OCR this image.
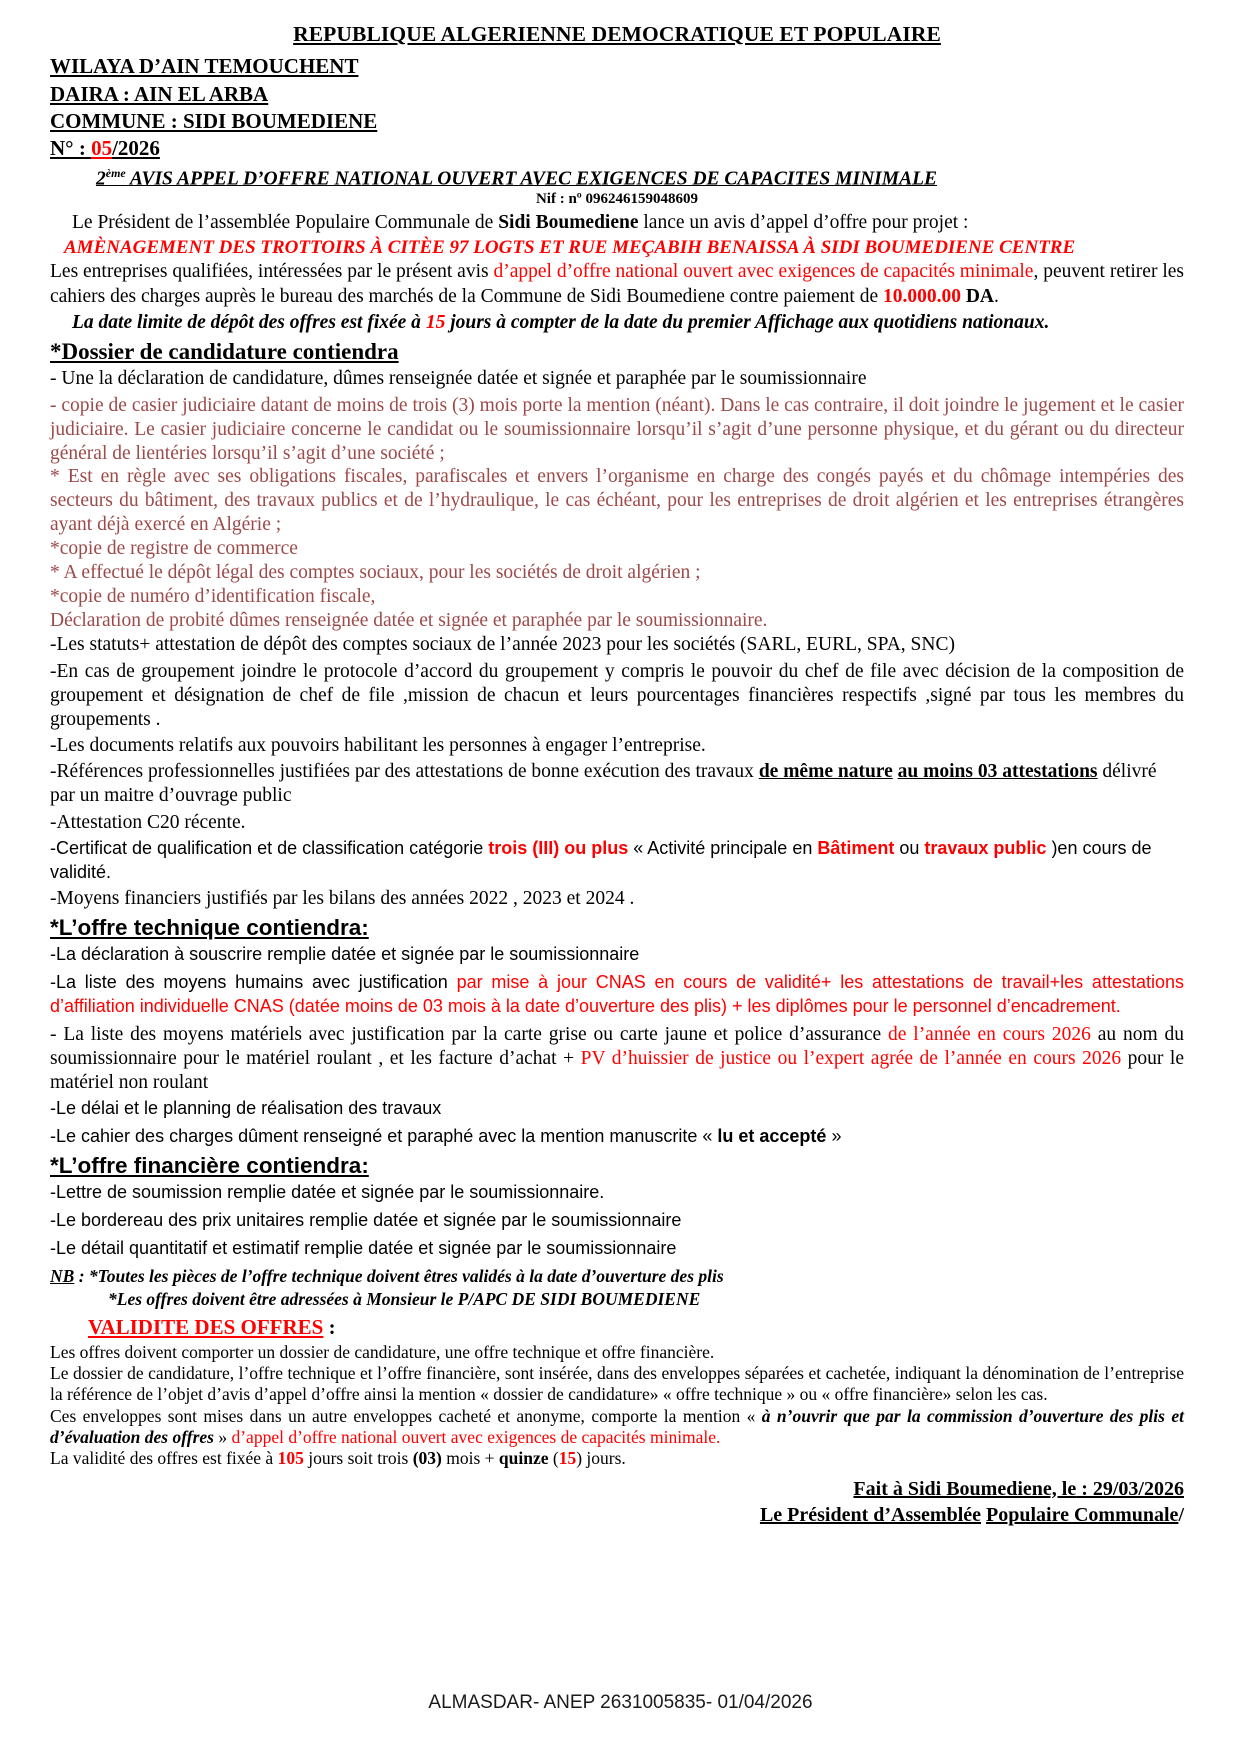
REPUBLIQUE ALGERIENNE DEMOCRATIQUE ET POPULAIRE
WILAYA D’AIN TEMOUCHENT
DAIRA : AIN EL ARBA
COMMUNE : SIDI BOUMEDIENE
N° : 05/2026
2ème AVIS APPEL D’OFFRE NATIONAL OUVERT AVEC EXIGENCES DE CAPACITES MINIMALE
Nif : nº 096246159048609

Le Président de l’assemblée Populaire Communale de Sidi Boumediene lance un avis d’appel d’offre pour projet :

AMÈNAGEMENT DES TROTTOIRS À CITÈE 97 LOGTS ET RUE MEÇABIH BENAISSA À SIDI BOUMEDIENE CENTRE

Les entreprises qualifiées, intéressées par le présent avis d’appel d’offre national ouvert avec exigences de capacités minimale, peuvent retirer les cahiers des charges auprès le bureau des marchés de la Commune de Sidi Boumediene contre paiement de 10.000.00 DA.

La date limite de dépôt des offres est fixée à 15 jours à compter de la date du premier Affichage aux quotidiens nationaux.

*Dossier de candidature contiendra

- Une la déclaration de candidature, dûmes renseignée datée et signée et paraphée par le soumissionnaire

- copie de casier judiciaire datant de moins de trois (3) mois porte la mention (néant). Dans le cas contraire, il doit joindre le jugement et le casier judiciaire. Le casier judiciaire concerne le candidat ou le soumissionnaire lorsqu’il s’agit d’une personne physique, et du gérant ou du directeur général de lientéries lorsqu’il s’agit d’une société ;

* Est en règle avec ses obligations fiscales, parafiscales et envers l’organisme en charge des congés payés et du chômage intempéries des secteurs du bâtiment, des travaux publics et de l’hydraulique, le cas échéant, pour les entreprises de droit algérien et les entreprises étrangères ayant déjà exercé en Algérie ;

*copie de registre de commerce

* A effectué le dépôt légal des comptes sociaux, pour les sociétés de droit algérien ;

*copie de numéro d’identification fiscale,

Déclaration de probité dûmes renseignée datée et signée et paraphée par le soumissionnaire.

-Les statuts+ attestation de dépôt des comptes sociaux de l’année 2023 pour les sociétés (SARL, EURL, SPA, SNC)

-En cas de groupement joindre le protocole d’accord du groupement y compris le pouvoir du chef de file avec décision de la composition de groupement et désignation de chef de file ,mission de chacun et leurs pourcentages financières respectifs ,signé par tous les membres du groupements .

-Les documents relatifs aux pouvoirs habilitant les personnes à engager l’entreprise.

-Références professionnelles justifiées par des attestations de bonne exécution des travaux de même nature au moins 03 attestations délivré par un maitre d’ouvrage public

-Attestation C20 récente.

-Certificat de qualification et de classification catégorie trois (III) ou plus « Activité principale en Bâtiment ou travaux public )en cours de validité.

-Moyens financiers justifiés par les bilans des années 2022 , 2023 et 2024 .

*L’offre technique contiendra:

-La déclaration à souscrire remplie datée et signée par le soumissionnaire

-La liste des moyens humains avec justification par mise à jour CNAS en cours de validité+ les attestations de travail+les attestations d’affiliation individuelle CNAS (datée moins de 03 mois à la date d’ouverture des plis) + les diplômes pour le personnel d’encadrement.

- La liste des moyens matériels avec justification par la carte grise ou carte jaune et police d’assurance de l’année en cours 2026 au nom du soumissionnaire pour le matériel roulant , et les facture d’achat + PV d’huissier de justice ou l’expert agrée de l’année en cours 2026 pour le matériel non roulant

-Le délai et le planning de réalisation des travaux

-Le cahier des charges dûment renseigné et paraphé avec la mention manuscrite « lu et accepté »

*L’offre financière contiendra:

-Lettre de soumission remplie datée et signée par le soumissionnaire.

-Le bordereau des prix unitaires remplie datée et signée par le soumissionnaire

-Le détail quantitatif et estimatif remplie datée et signée par le soumissionnaire

NB : *Toutes les pièces de l’offre technique doivent êtres validés à la date d’ouverture des plis
*Les offres doivent être adressées à Monsieur le P/APC DE SIDI BOUMEDIENE
VALIDITE DES OFFRES :

Les offres doivent comporter un dossier de candidature, une offre technique et offre financière.

Le dossier de candidature, l’offre technique et l’offre financière, sont insérée, dans des enveloppes séparées et cachetée, indiquant la dénomination de l’entreprise la référence de l’objet d’avis d’appel d’offre ainsi la mention « dossier de candidature» « offre technique » ou « offre financière» selon les cas.

Ces enveloppes sont mises dans un autre enveloppes cacheté et anonyme, comporte la mention « à n’ouvrir que par la commission d’ouverture des plis et d’évaluation des offres » d’appel d’offre national ouvert avec exigences de capacités minimale.

La validité des offres est fixée à 105 jours soit trois (03) mois + quinze (15) jours.

Fait à Sidi Boumediene, le : 29/03/2026
Le Président d’Assemblée Populaire Communale/
ALMASDAR- ANEP 2631005835- 01/04/2026
